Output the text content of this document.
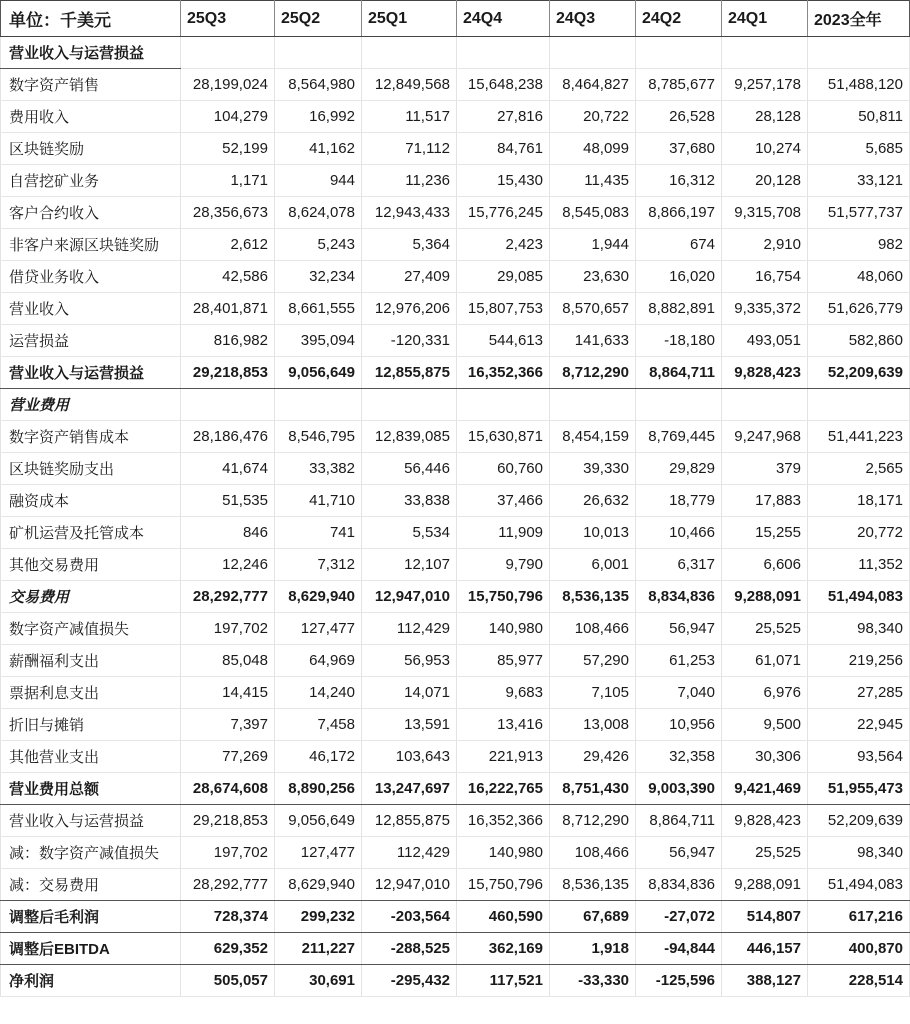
单位：千美元	25Q3	25Q2	25Q1	24Q4	24Q3	24Q2	24Q1	2023全年
营业收入与运营损益								
数字资产销售	28,199,024	8,564,980	12,849,568	15,648,238	8,464,827	8,785,677	9,257,178	51,488,120
费用收入	104,279	16,992	11,517	27,816	20,722	26,528	28,128	50,811
区块链奖励	52,199	41,162	71,112	84,761	48,099	37,680	10,274	5,685
自营挖矿业务	1,171	944	11,236	15,430	11,435	16,312	20,128	33,121
客户合约收入	28,356,673	8,624,078	12,943,433	15,776,245	8,545,083	8,866,197	9,315,708	51,577,737
非客户来源区块链奖励	2,612	5,243	5,364	2,423	1,944	674	2,910	982
借贷业务收入	42,586	32,234	27,409	29,085	23,630	16,020	16,754	48,060
营业收入	28,401,871	8,661,555	12,976,206	15,807,753	8,570,657	8,882,891	9,335,372	51,626,779
运营损益	816,982	395,094	-120,331	544,613	141,633	-18,180	493,051	582,860
营业收入与运营损益	29,218,853	9,056,649	12,855,875	16,352,366	8,712,290	8,864,711	9,828,423	52,209,639
营业费用								
数字资产销售成本	28,186,476	8,546,795	12,839,085	15,630,871	8,454,159	8,769,445	9,247,968	51,441,223
区块链奖励支出	41,674	33,382	56,446	60,760	39,330	29,829	379	2,565
融资成本	51,535	41,710	33,838	37,466	26,632	18,779	17,883	18,171
矿机运营及托管成本	846	741	5,534	11,909	10,013	10,466	15,255	20,772
其他交易费用	12,246	7,312	12,107	9,790	6,001	6,317	6,606	11,352
交易费用	28,292,777	8,629,940	12,947,010	15,750,796	8,536,135	8,834,836	9,288,091	51,494,083
数字资产减值损失	197,702	127,477	112,429	140,980	108,466	56,947	25,525	98,340
薪酬福利支出	85,048	64,969	56,953	85,977	57,290	61,253	61,071	219,256
票据利息支出	14,415	14,240	14,071	9,683	7,105	7,040	6,976	27,285
折旧与摊销	7,397	7,458	13,591	13,416	13,008	10,956	9,500	22,945
其他营业支出	77,269	46,172	103,643	221,913	29,426	32,358	30,306	93,564
营业费用总额	28,674,608	8,890,256	13,247,697	16,222,765	8,751,430	9,003,390	9,421,469	51,955,473
营业收入与运营损益	29,218,853	9,056,649	12,855,875	16,352,366	8,712,290	8,864,711	9,828,423	52,209,639
减：数字资产减值损失	197,702	127,477	112,429	140,980	108,466	56,947	25,525	98,340
减：交易费用	28,292,777	8,629,940	12,947,010	15,750,796	8,536,135	8,834,836	9,288,091	51,494,083
调整后毛利润	728,374	299,232	-203,564	460,590	67,689	-27,072	514,807	617,216
调整后EBITDA	629,352	211,227	-288,525	362,169	1,918	-94,844	446,157	400,870
净利润	505,057	30,691	-295,432	117,521	-33,330	-125,596	388,127	228,514
